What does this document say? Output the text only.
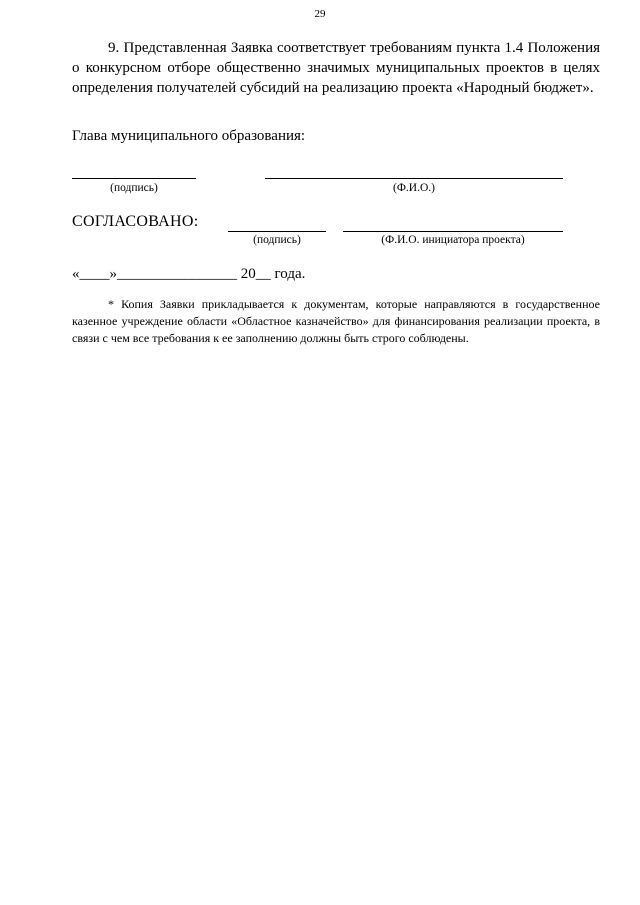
29

9. Представленная Заявка соответствует требованиям пункта 1.4 Положения о конкурсном отборе общественно значимых муниципальных проектов в целях определения получателей субсидий на реализацию проекта «Народный бюджет».

Глава муниципального образования:
(подпись)	(Ф.И.О.)
СОГЛАСОВАНО:
(подпись)	(Ф.И.О. инициатора проекта)
«____»________________ 20__ года.

* Копия Заявки прикладывается к документам, которые направляются в государственное казенное учреждение области «Областное казначейство» для финансирования реализации проекта, в связи с чем все требования к ее заполнению должны быть строго соблюдены.
